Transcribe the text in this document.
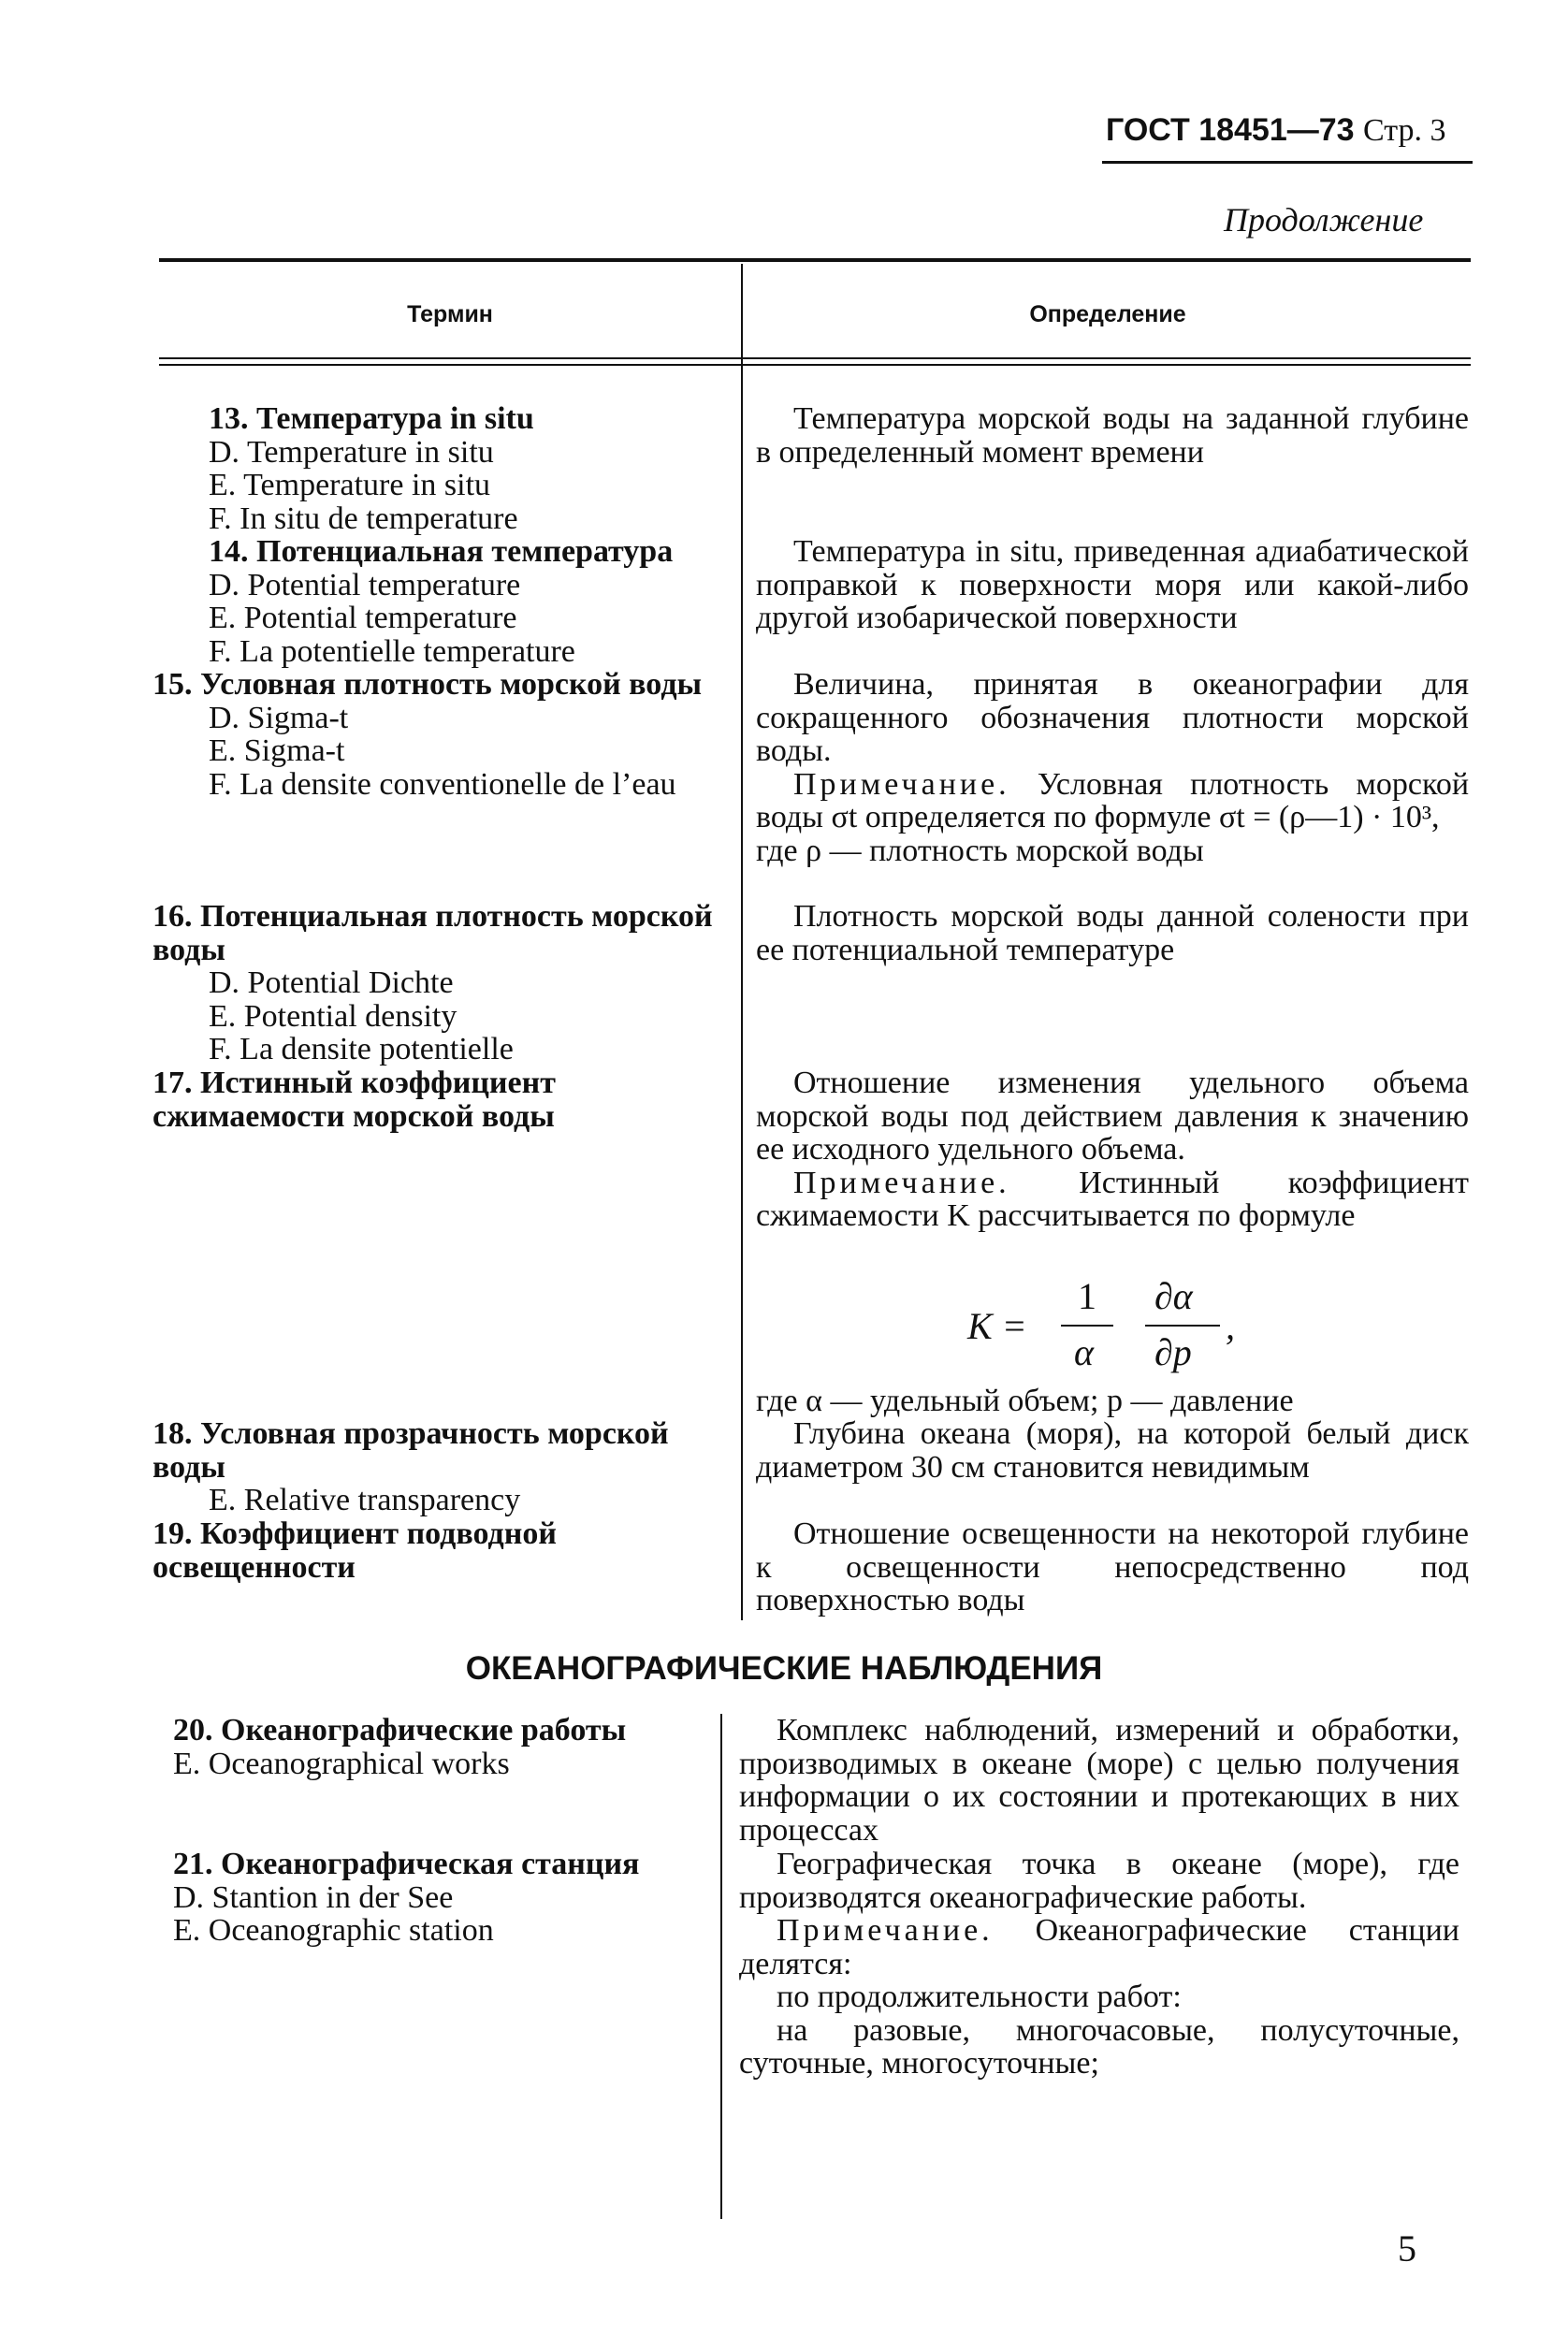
ГОСТ 18451—73 Стр. 3
Продолжение
Термин	Определение
13. Температура in situ
D. Temperature in situ
E. Temperature in situ
F. In situ de temperature
Температура морской воды на заданной глубине в определенный момент времени
14. Потенциальная температура
D. Potential temperature
E. Potential temperature
F. La potentielle temperature
Температура in situ, приведенная адиабатической поправкой к поверхности моря или какой-либо другой изобарической поверхности
15. Условная плотность морской воды
D. Sigma-t
E. Sigma-t
F. La densite conventionelle de l’eau
Величина, принятая в океанографии для сокращенного обозначения плотности морской воды.
Примечание. Условная плотность морской воды σt определяется по формуле σt = (ρ—1) · 10³,
где ρ — плотность морской воды
16. Потенциальная плотность морской воды
D. Potential Dichte
E. Potential density
F. La densite potentielle
Плотность морской воды данной солености при ее потенциальной температуре
17. Истинный коэффициент сжимаемости морской воды
Отношение изменения удельного объема морской воды под действием давления к значению ее исходного удельного объема.
Примечание. Истинный коэффициент сжимаемости K рассчитывается по формуле
K =
1
α
∂α
∂p
,
где α — удельный объем; p — давление
18. Условная прозрачность морской воды
E. Relative transparency
Глубина океана (моря), на которой белый диск диаметром 30 см становится невидимым
19. Коэффициент подводной освещенности
Отношение освещенности на некоторой глубине к освещенности непосредственно под поверхностью воды
ОКЕАНОГРАФИЧЕСКИЕ НАБЛЮДЕНИЯ
20. Океанографические работы
E. Oceanographical works
Комплекс наблюдений, измерений и обработки, производимых в океане (море) с целью получения информации о их состоянии и протекающих в них процессах
21. Океанографическая станция
D. Stantion in der See
E. Oceanographic station
Географическая точка в океане (море), где производятся океанографические работы.
Примечание. Океанографические станции делятся:
по продолжительности работ:
на разовые, многочасовые, полусуточные, суточные, многосуточные;
5
